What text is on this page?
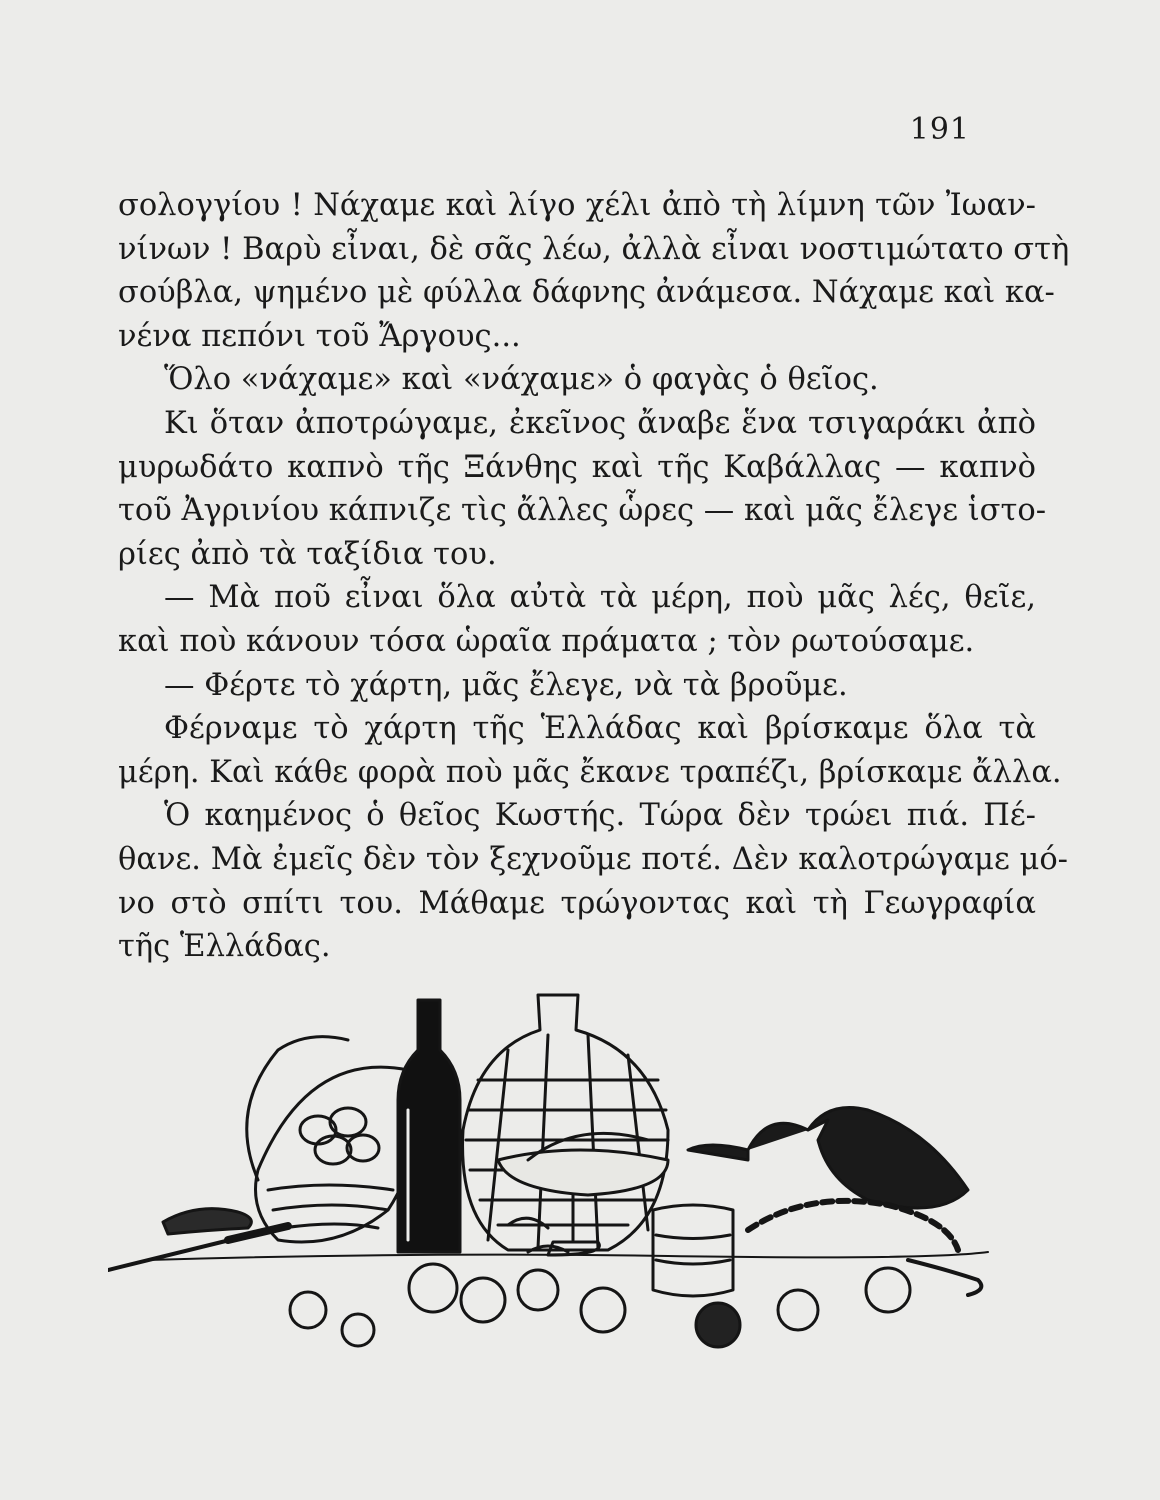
191
σολογγίου ! Νάχαμε καὶ λίγο χέλι ἀπὸ τὴ λίμνη τῶν Ἰωαν-
νίνων ! Βαρὺ εἶναι, δὲ σᾶς λέω, ἀλλὰ εἶναι νοστιμώτατο στὴ
σούβλα, ψημένο μὲ φύλλα δάφνης ἀνάμεσα. Νάχαμε καὶ κα-
νένα πεπόνι τοῦ Ἄργους...
Ὅλο «νάχαμε» καὶ «νάχαμε» ὁ φαγὰς ὁ θεῖος.
Κι ὅταν ἀποτρώγαμε, ἐκεῖνος ἄναβε ἕνα τσιγαράκι ἀπὸ
μυρωδάτο καπνὸ τῆς Ξάνθης καὶ τῆς Καβάλλας — καπνὸ
τοῦ Ἀγρινίου κάπνιζε τὶς ἄλλες ὧρες — καὶ μᾶς ἔλεγε ἱστο-
ρίες ἀπὸ τὰ ταξίδια του.
— Μὰ ποῦ εἶναι ὅλα αὐτὰ τὰ μέρη, ποὺ μᾶς λές, θεῖε,
καὶ ποὺ κάνουν τόσα ὡραῖα πράματα ; τὸν ρωτούσαμε.
— Φέρτε τὸ χάρτη, μᾶς ἔλεγε, νὰ τὰ βροῦμε.
Φέρναμε τὸ χάρτη τῆς Ἑλλάδας καὶ βρίσκαμε ὅλα τὰ
μέρη. Καὶ κάθε φορὰ ποὺ μᾶς ἔκανε τραπέζι, βρίσκαμε ἄλλα.
Ὁ καημένος ὁ θεῖος Κωστής. Τώρα δὲν τρώει πιά. Πέ-
θανε. Μὰ ἐμεῖς δὲν τὸν ξεχνοῦμε ποτέ. Δὲν καλοτρώγαμε μό-
νο στὸ σπίτι του. Μάθαμε τρώγοντας καὶ τὴ Γεωγραφία
τῆς Ἑλλάδας.
